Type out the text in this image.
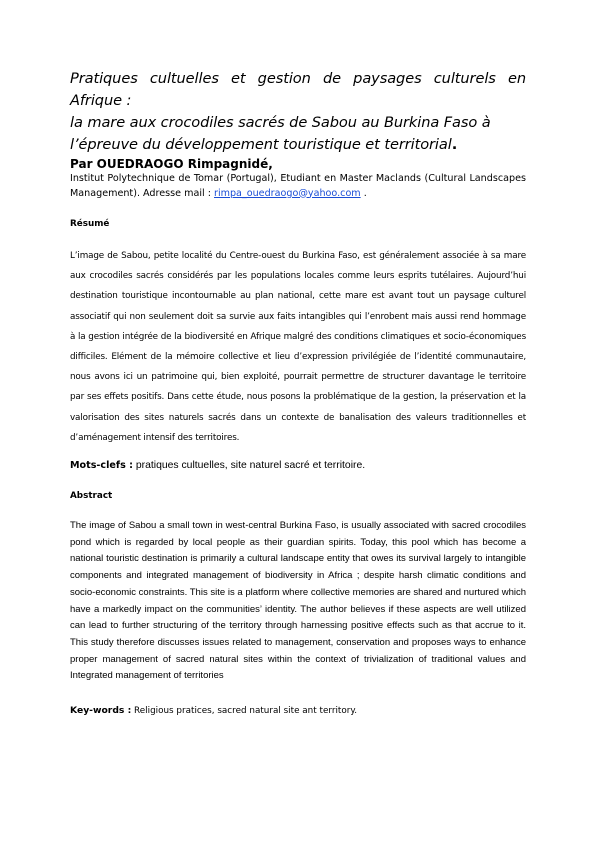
Pratiques cultuelles et gestion de paysages culturels en Afrique :
la mare aux crocodiles sacrés de Sabou au Burkina Faso à
l’épreuve du développement touristique et territorial.
Par OUEDRAOGO Rimpagnidé,
Institut Polytechnique de Tomar (Portugal), Etudiant en Master Maclands (Cultural Landscapes Management). Adresse mail : rimpa_ouedraogo@yahoo.com .
Résumé
L’image de Sabou, petite localité du Centre-ouest du Burkina Faso, est généralement associée à sa mare aux crocodiles sacrés considérés par les populations locales comme leurs esprits tutélaires. Aujourd’hui destination touristique incontournable au plan national, cette mare est avant tout un paysage culturel associatif qui non seulement doit sa survie aux faits intangibles qui l’enrobent mais aussi rend hommage à la gestion intégrée de la biodiversité en Afrique malgré des conditions climatiques et socio-économiques difficiles. Elément de la mémoire collective et lieu d’expression privilégiée de l’identité communautaire, nous avons ici un patrimoine qui, bien exploité, pourrait permettre de structurer davantage le territoire par ses effets positifs. Dans cette étude, nous posons la problématique de la gestion, la préservation et la valorisation des sites naturels sacrés dans un contexte de banalisation des valeurs traditionnelles et d’aménagement intensif des territoires.
Mots-clefs : pratiques cultuelles, site naturel sacré et territoire.
Abstract
The image of Sabou a small town in west-central Burkina Faso, is usually associated with sacred crocodiles pond which is regarded by local people as their guardian spirits. Today, this pool which has become a national touristic destination is primarily a cultural landscape entity that owes its survival largely to intangible components and integrated management of biodiversity in Africa ; despite harsh climatic conditions and socio-economic constraints. This site is a platform where collective memories are shared and nurtured which have a markedly impact on the communities’ identity. The author believes if these aspects are well utilized can lead to further structuring of the territory through harnessing positive effects such as that accrue to it. This study therefore discusses issues related to management, conservation and proposes ways to enhance proper management of sacred natural sites within the context of trivialization of traditional values and Integrated management of territories
Key-words : Religious pratices, sacred natural site ant territory.
